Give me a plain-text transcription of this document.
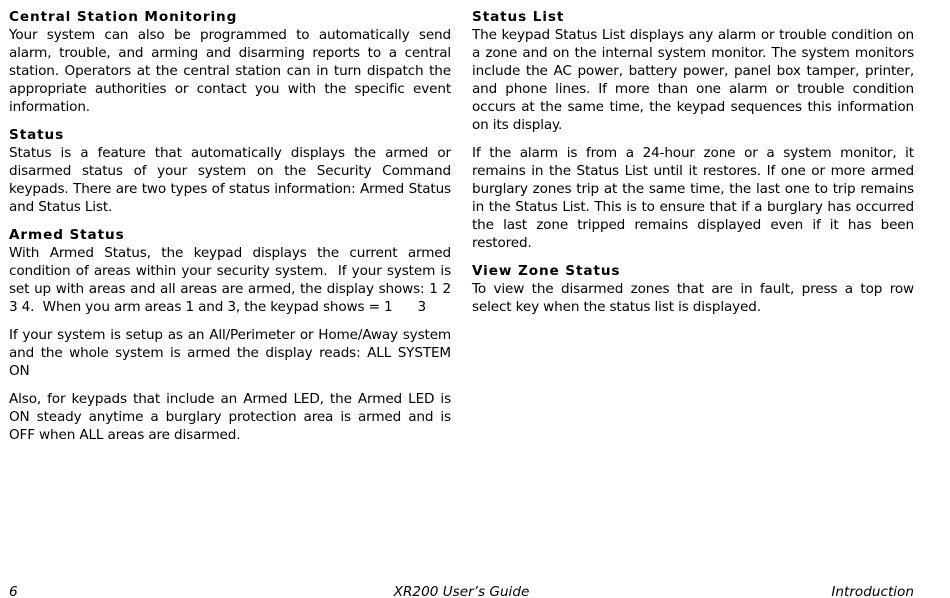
Central Station Monitoring

Your system can also be programmed to automatically send alarm, trouble, and arming and disarming reports to a central station. Operators at the central station can in turn dispatch the appropriate authorities or contact you with the specific event information.

Status

Status is a feature that automatically displays the armed or disarmed status of your system on the Security Command keypads. There are two types of status information: Armed Status and Status List.

Armed Status

With Armed Status, the keypad displays the current armed condition of areas within your security system.  If your system is set up with areas and all areas are armed, the display shows: 1 2 3 4.  When you arm areas 1 and 3, the keypad shows = 1      3

If your system is setup as an All/Perimeter or Home/Away system and the whole system is armed the display reads: ALL SYSTEM ON

Also, for keypads that include an Armed LED, the Armed LED is ON steady anytime a burglary protection area is armed and is OFF when ALL areas are disarmed.

Status List

The keypad Status List displays any alarm or trouble condition on a zone and on the internal system monitor. The system monitors include the AC power, battery power, panel box tamper, printer, and phone lines. If more than one alarm or trouble condition occurs at the same time, the keypad sequences this information on its display.

If the alarm is from a 24-hour zone or a system monitor, it remains in the Status List until it restores. If one or more armed burglary zones trip at the same time, the last one to trip remains in the Status List. This is to ensure that if a burglary has occurred the last zone tripped remains displayed even if it has been restored.

View Zone Status

To view the disarmed zones that are in fault, press a top row select key when the status list is displayed.

6	XR200 User’s Guide	Introduction
